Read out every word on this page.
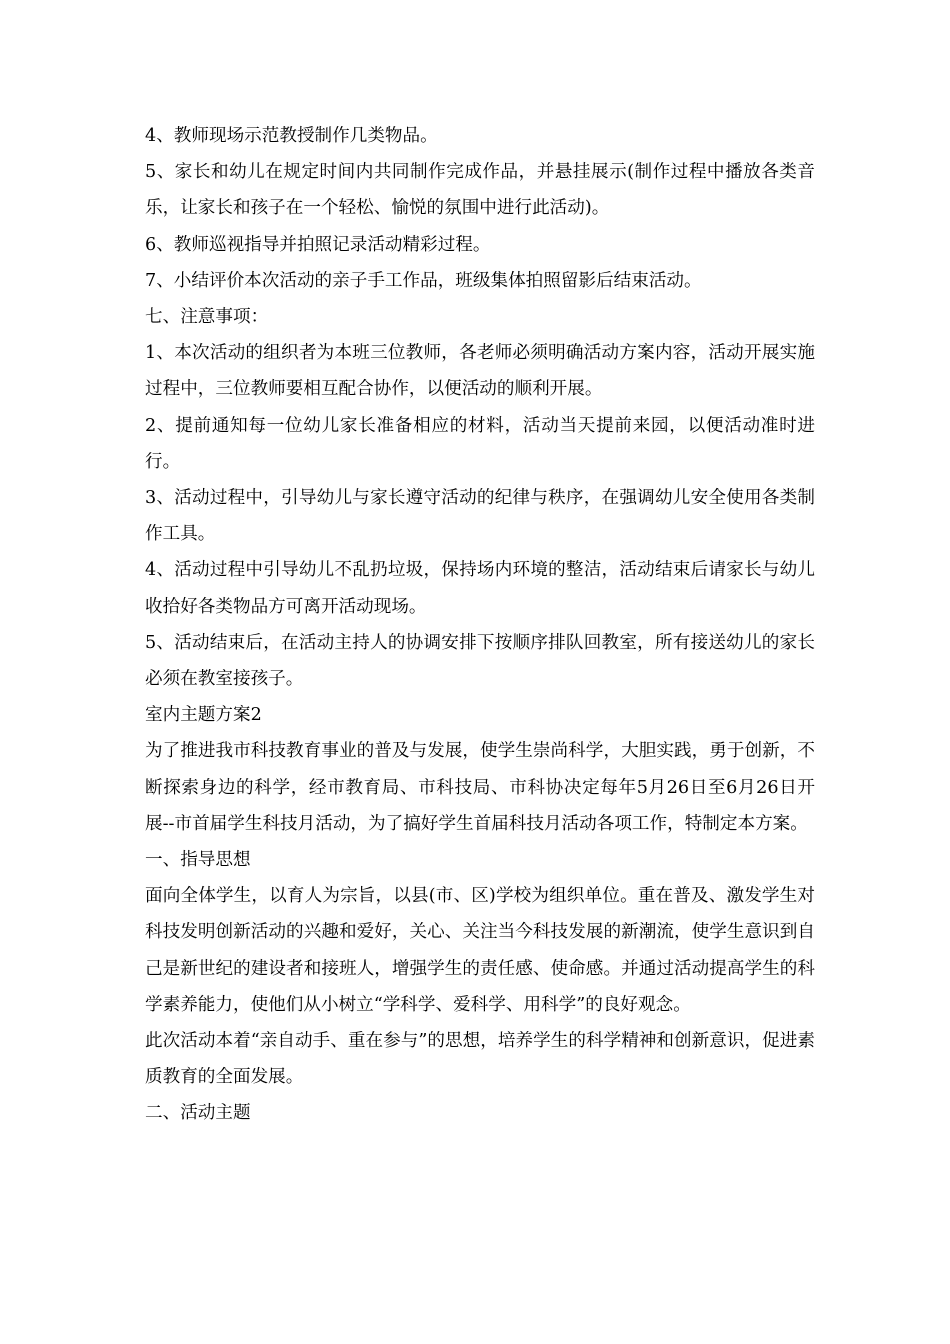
4、教师现场示范教授制作几类物品。

5、家长和幼儿在规定时间内共同制作完成作品，并悬挂展示(制作过程中播放各类音乐，让家长和孩子在一个轻松、愉悦的氛围中进行此活动)。

6、教师巡视指导并拍照记录活动精彩过程。

7、小结评价本次活动的亲子手工作品，班级集体拍照留影后结束活动。

七、注意事项：

1、本次活动的组织者为本班三位教师，各老师必须明确活动方案内容，活动开展实施过程中，三位教师要相互配合协作，以便活动的顺利开展。

2、提前通知每一位幼儿家长准备相应的材料，活动当天提前来园，以便活动准时进行。

3、活动过程中，引导幼儿与家长遵守活动的纪律与秩序，在强调幼儿安全使用各类制作工具。

4、活动过程中引导幼儿不乱扔垃圾，保持场内环境的整洁，活动结束后请家长与幼儿收拾好各类物品方可离开活动现场。

5、活动结束后，在活动主持人的协调安排下按顺序排队回教室，所有接送幼儿的家长必须在教室接孩子。

室内主题方案2

为了推进我市科技教育事业的普及与发展，使学生崇尚科学，大胆实践，勇于创新，不断探索身边的科学，经市教育局、市科技局、市科协决定每年5月26日至6月26日开展--市首届学生科技月活动，为了搞好学生首届科技月活动各项工作，特制定本方案。

一、指导思想

面向全体学生，以育人为宗旨，以县(市、区)学校为组织单位。重在普及、激发学生对科技发明创新活动的兴趣和爱好，关心、关注当今科技发展的新潮流，使学生意识到自己是新世纪的建设者和接班人，增强学生的责任感、使命感。并通过活动提高学生的科学素养能力，使他们从小树立“学科学、爱科学、用科学”的良好观念。

此次活动本着“亲自动手、重在参与”的思想，培养学生的科学精神和创新意识，促进素质教育的全面发展。

二、活动主题
